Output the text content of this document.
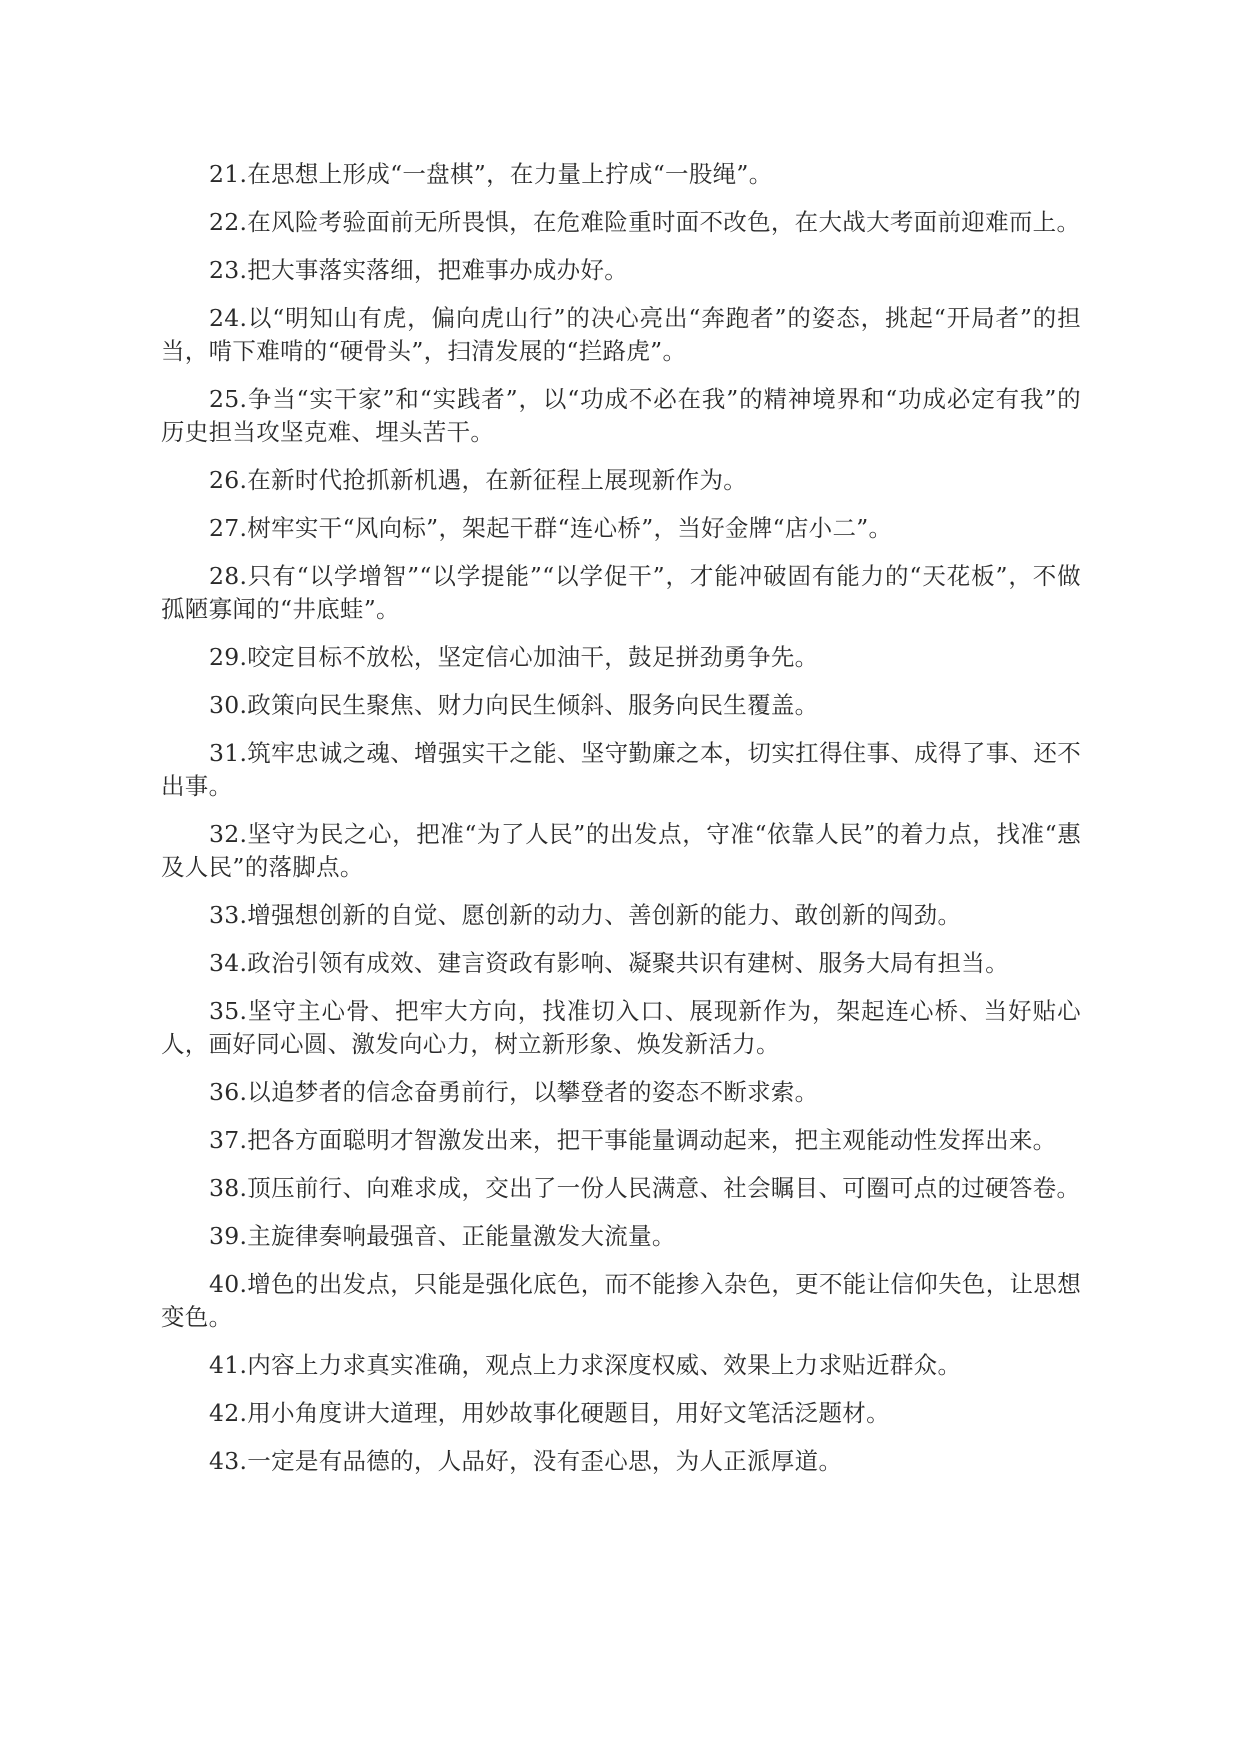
21.在思想上形成“一盘棋”，在力量上拧成“一股绳”。

22.在风险考验面前无所畏惧，在危难险重时面不改色，在大战大考面前迎难而上。

23.把大事落实落细，把难事办成办好。

24.以“明知山有虎，偏向虎山行”的决心亮出“奔跑者”的姿态，挑起“开局者”的担当，啃下难啃的“硬骨头”，扫清发展的“拦路虎”。

25.争当“实干家”和“实践者”，以“功成不必在我”的精神境界和“功成必定有我”的历史担当攻坚克难、埋头苦干。

26.在新时代抢抓新机遇，在新征程上展现新作为。

27.树牢实干“风向标”，架起干群“连心桥”，当好金牌“店小二”。

28.只有“以学增智”“以学提能”“以学促干”，才能冲破固有能力的“天花板”，不做孤陋寡闻的“井底蛙”。

29.咬定目标不放松，坚定信心加油干，鼓足拼劲勇争先。

30.政策向民生聚焦、财力向民生倾斜、服务向民生覆盖。

31.筑牢忠诚之魂、增强实干之能、坚守勤廉之本，切实扛得住事、成得了事、还不出事。

32.坚守为民之心，把准“为了人民”的出发点，守准“依靠人民”的着力点，找准“惠及人民”的落脚点。

33.增强想创新的自觉、愿创新的动力、善创新的能力、敢创新的闯劲。

34.政治引领有成效、建言资政有影响、凝聚共识有建树、服务大局有担当。

35.坚守主心骨、把牢大方向，找准切入口、展现新作为，架起连心桥、当好贴心人，画好同心圆、激发向心力，树立新形象、焕发新活力。

36.以追梦者的信念奋勇前行，以攀登者的姿态不断求索。

37.把各方面聪明才智激发出来，把干事能量调动起来，把主观能动性发挥出来。

38.顶压前行、向难求成，交出了一份人民满意、社会瞩目、可圈可点的过硬答卷。

39.主旋律奏响最强音、正能量激发大流量。

40.增色的出发点，只能是强化底色，而不能掺入杂色，更不能让信仰失色，让思想变色。

41.内容上力求真实准确，观点上力求深度权威、效果上力求贴近群众。

42.用小角度讲大道理，用妙故事化硬题目，用好文笔活泛题材。

43.一定是有品德的，人品好，没有歪心思，为人正派厚道。
